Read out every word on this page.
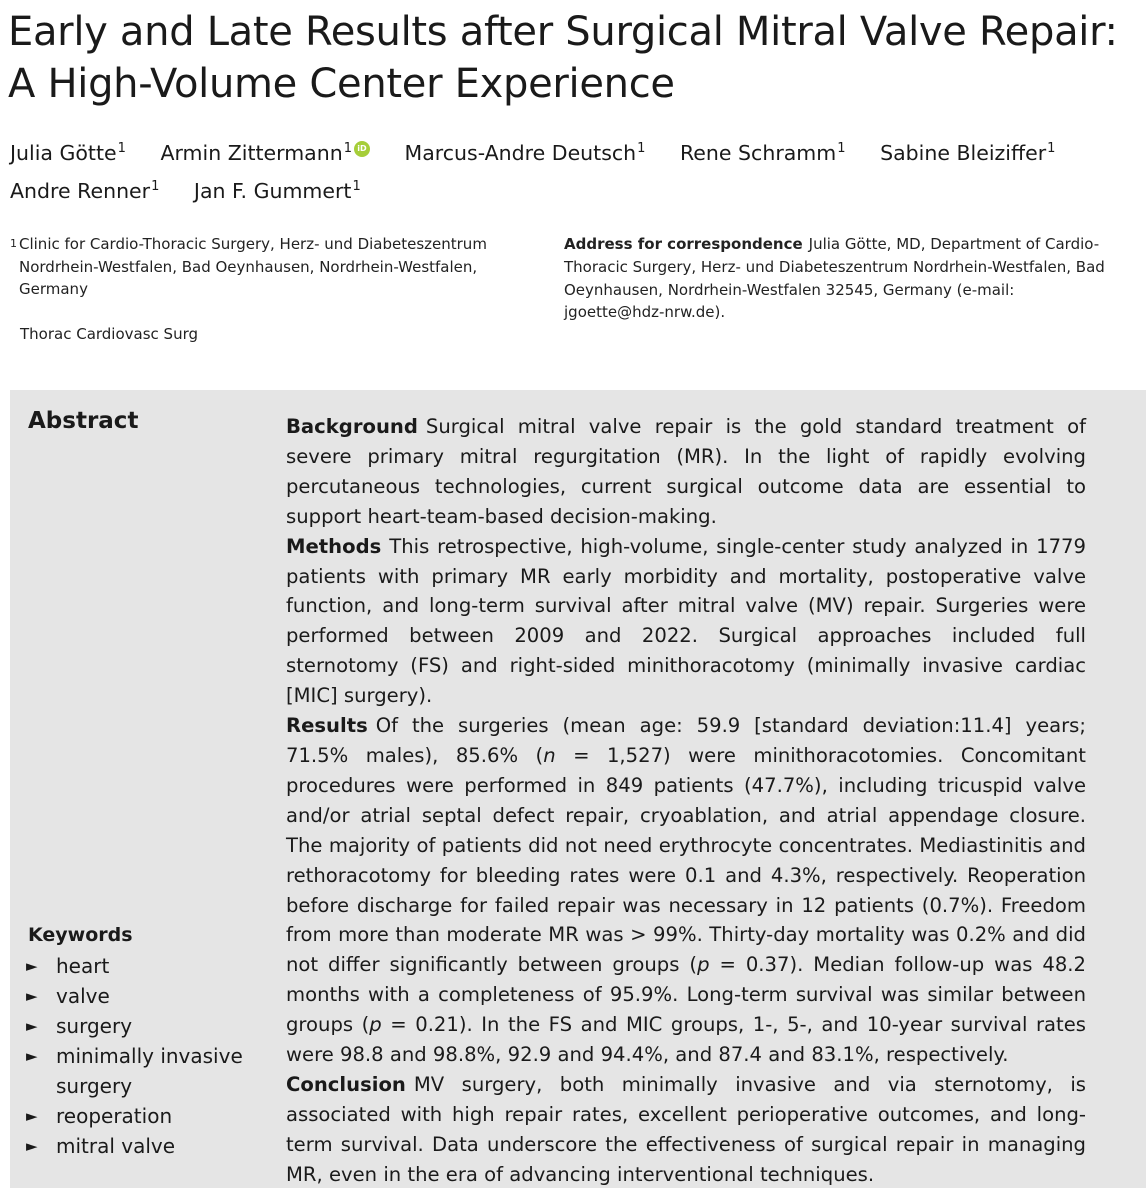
Early and Late Results after Surgical Mitral Valve Repair: A High-Volume Center Experience
Julia Götte$^1$ Armin Zittermann$^1$ iD Marcus-Andre Deutsch$^1$ Rene Schramm$^1$ Sabine Bleiziffer$^1$
Andre Renner$^1$ Jan F. Gummert$^1$
$^1$ Clinic for Cardio-Thoracic Surgery, Herz- und Diabeteszentrum Nordrhein-Westfalen, Bad Oeynhausen, Nordrhein-Westfalen, Germany
Thorac Cardiovasc Surg
Address for correspondence Julia Götte, MD, Department of Cardio-Thoracic Surgery, Herz- und Diabeteszentrum Nordrhein-Westfalen, Bad Oeynhausen, Nordrhein-Westfalen 32545, Germany (e-mail: jgoette@hdz-nrw.de).
Abstract	Background Surgical mitral valve repair is the gold standard treatment of severe primary mitral regurgitation (MR). In the light of rapidly evolving percutaneous technologies, current surgical outcome data are essential to support heart-team-based decision-making.

Methods This retrospective, high-volume, single-center study analyzed in 1779 patients with primary MR early morbidity and mortality, postoperative valve function, and long-term survival after mitral valve (MV) repair. Surgeries were performed between 2009 and 2022. Surgical approaches included full sternotomy (FS) and right-sided minithoracotomy (minimally invasive cardiac [MIC] surgery).

Results Of the surgeries (mean age: 59.9 [standard deviation:11.4] years; 71.5% males), 85.6% (n = 1,527) were minithoracotomies. Concomitant procedures were performed in 849 patients (47.7%), including tricuspid valve and/or atrial septal defect repair, cryoablation, and atrial appendage closure. The majority of patients did not need erythrocyte concentrates. Mediastinitis and rethoracotomy for bleeding rates were 0.1 and 4.3%, respectively. Reoperation before discharge for failed repair was necessary in 12 patients (0.7%). Freedom from more than moderate MR was > 99%. Thirty-day mortality was 0.2% and did not differ significantly between groups (p = 0.37). Median follow-up was 48.2 months with a completeness of 95.9%. Long-term survival was similar between groups (p = 0.21). In the FS and MIC groups, 1-, 5-, and 10-year survival rates were 98.8 and 98.8%, 92.9 and 94.4%, and 87.4 and 83.1%, respectively.

Conclusion MV surgery, both minimally invasive and via sternotomy, is associated with high repair rates, excellent perioperative outcomes, and long-term survival. Data underscore the effectiveness of surgical repair in managing MR, even in the era of advancing interventional techniques.

Keywords
► heart
► valve
► surgery
► minimally invasive surgery
► reoperation
► mitral valve
